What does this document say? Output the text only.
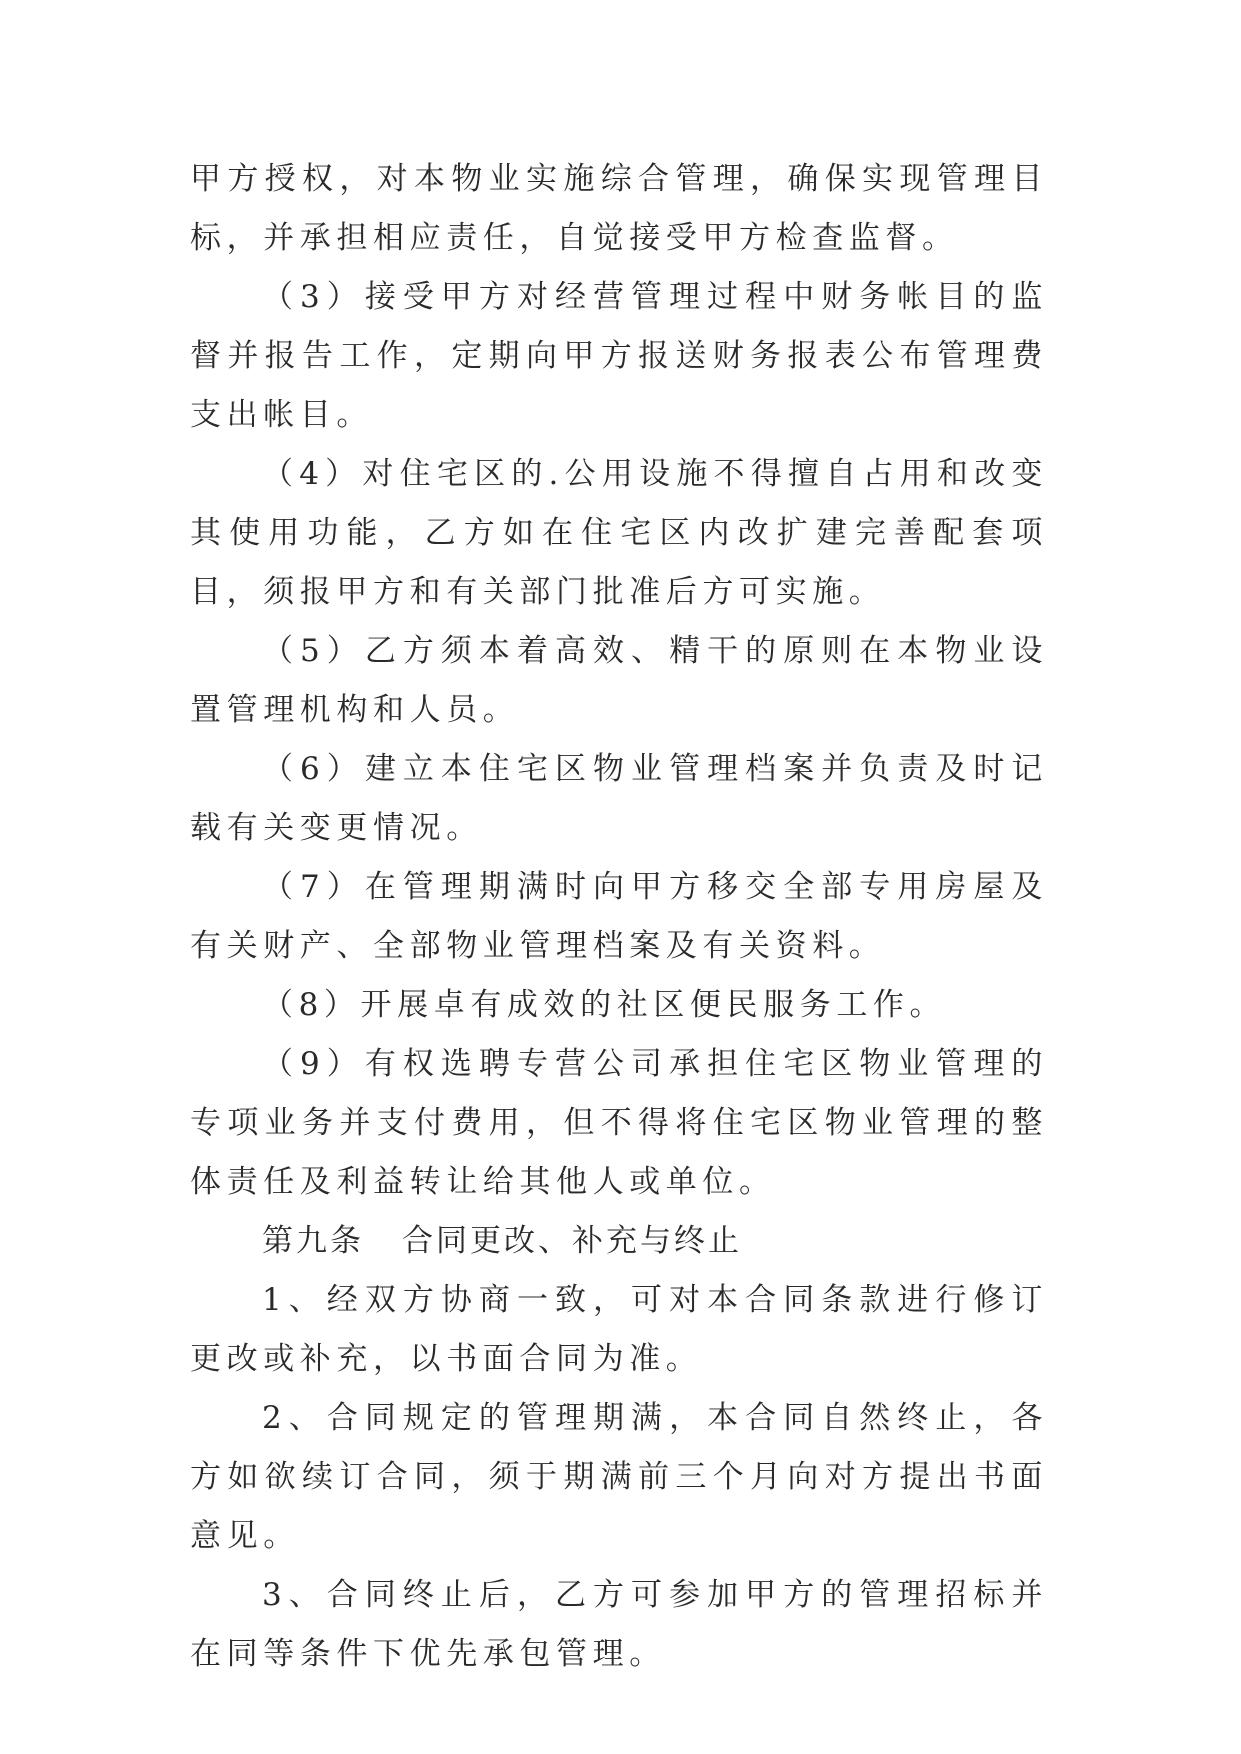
甲方授权，对本物业实施综合管理，确保实现管理目标，并承担相应责任，自觉接受甲方检查监督。

（3）接受甲方对经营管理过程中财务帐目的监督并报告工作，定期向甲方报送财务报表公布管理费支出帐目。

（4）对住宅区的.公用设施不得擅自占用和改变其使用功能，乙方如在住宅区内改扩建完善配套项目，须报甲方和有关部门批准后方可实施。

（5）乙方须本着高效、精干的原则在本物业设置管理机构和人员。

（6）建立本住宅区物业管理档案并负责及时记载有关变更情况。

（7）在管理期满时向甲方移交全部专用房屋及有关财产、全部物业管理档案及有关资料。

（8）开展卓有成效的社区便民服务工作。

（9）有权选聘专营公司承担住宅区物业管理的专项业务并支付费用，但不得将住宅区物业管理的整体责任及利益转让给其他人或单位。

第九条 合同更改、补充与终止

1、经双方协商一致，可对本合同条款进行修订更改或补充，以书面合同为准。

2、合同规定的管理期满，本合同自然终止，各方如欲续订合同，须于期满前三个月向对方提出书面意见。

3、合同终止后，乙方可参加甲方的管理招标并在同等条件下优先承包管理。
